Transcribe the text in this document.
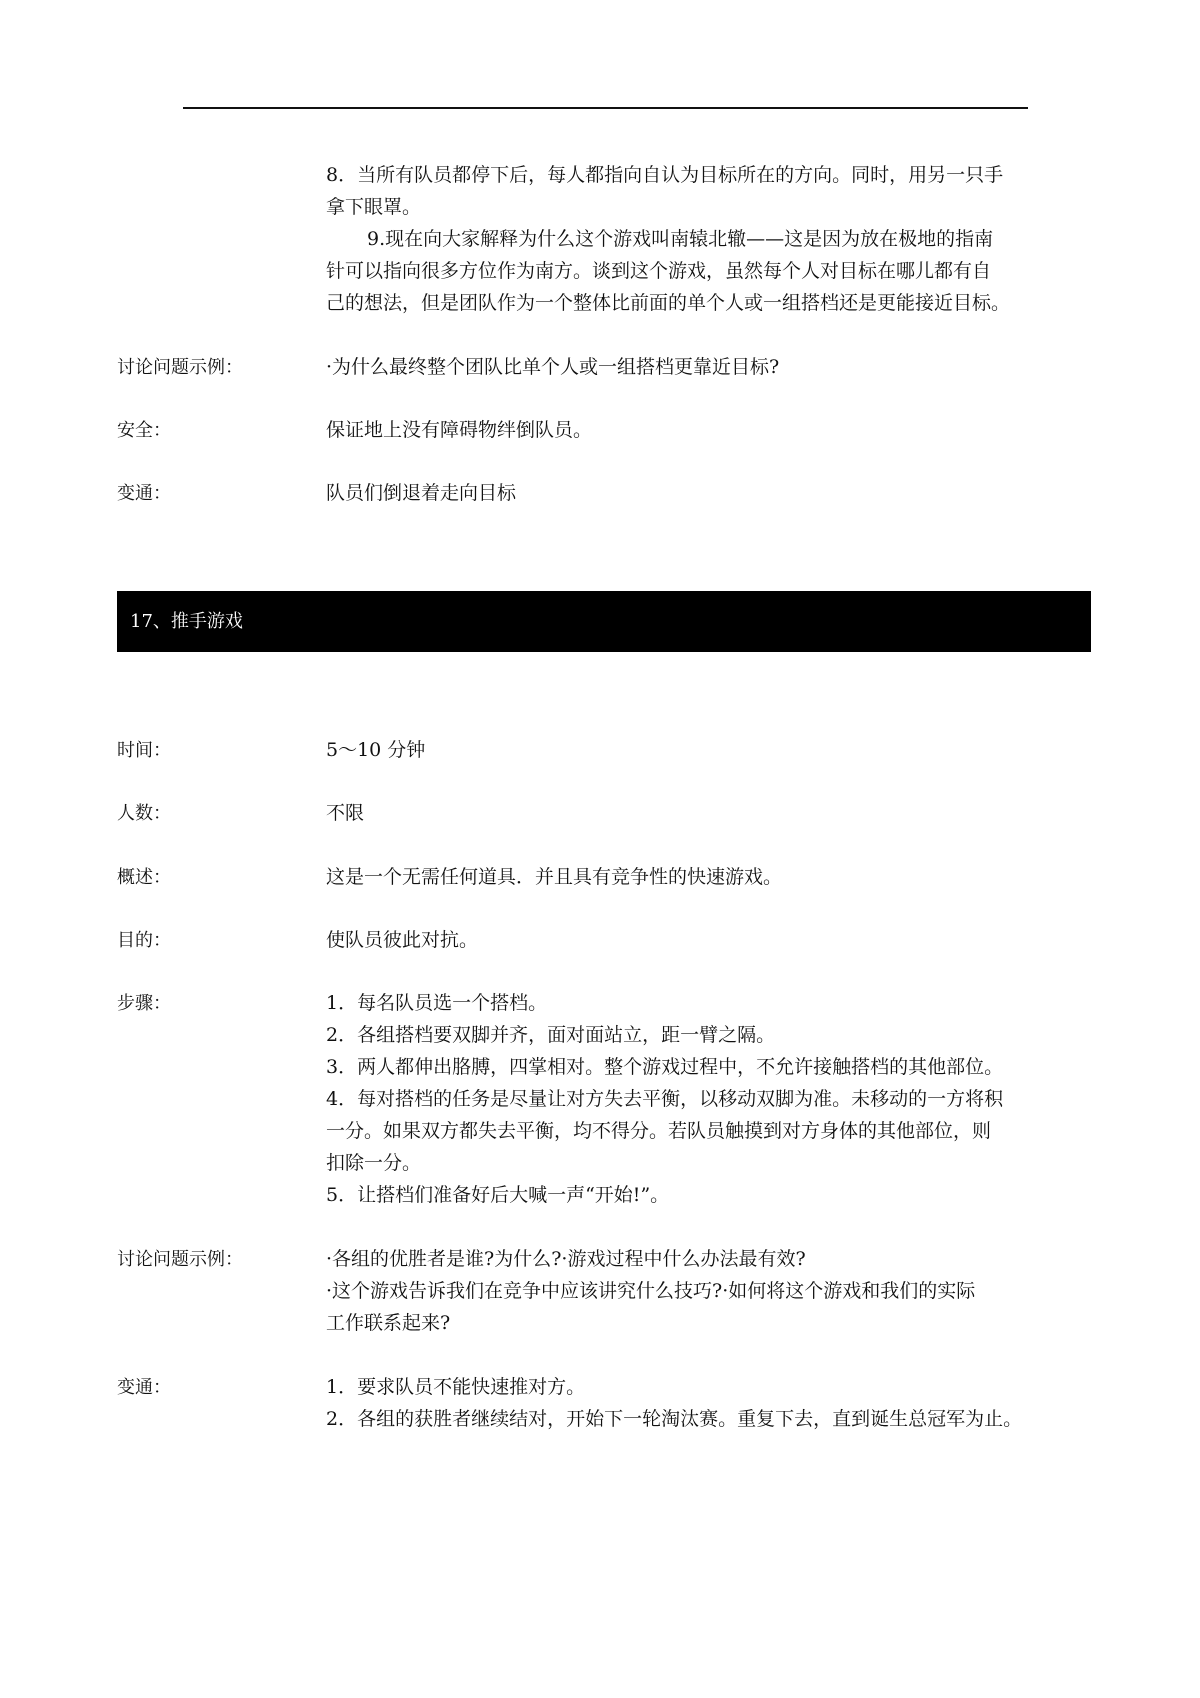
8．当所有队员都停下后，每人都指向自认为目标所在的方向。同时，用另一只手
拿下眼罩。
9.现在向大家解释为什么这个游戏叫南辕北辙——这是因为放在极地的指南
针可以指向很多方位作为南方。谈到这个游戏，虽然每个人对目标在哪儿都有自
己的想法，但是团队作为一个整体比前面的单个人或一组搭档还是更能接近目标。
讨论问题示例：	·为什么最终整个团队比单个人或一组搭档更靠近目标?
安全：	保证地上没有障碍物绊倒队员。
变通：	队员们倒退着走向目标
17、推手游戏
时间：	5～10 分钟
人数：	不限
概述：	这是一个无需任何道具．并且具有竞争性的快速游戏。
目的：	使队员彼此对抗。
步骤：	1．每名队员选一个搭档。
2．各组搭档要双脚并齐，面对面站立，距一臂之隔。
3．两人都伸出胳膊，四掌相对。整个游戏过程中，不允许接触搭档的其他部位。
4．每对搭档的任务是尽量让对方失去平衡，以移动双脚为准。未移动的一方将积
一分。如果双方都失去平衡，均不得分。若队员触摸到对方身体的其他部位，则
扣除一分。
5．让搭档们准备好后大喊一声“开始!”。
讨论问题示例：	·各组的优胜者是谁?为什么?·游戏过程中什么办法最有效?
·这个游戏告诉我们在竞争中应该讲究什么技巧?·如何将这个游戏和我们的实际
工作联系起来?
变通：	1．要求队员不能快速推对方。
2．各组的获胜者继续结对，开始下一轮淘汰赛。重复下去，直到诞生总冠军为止。
